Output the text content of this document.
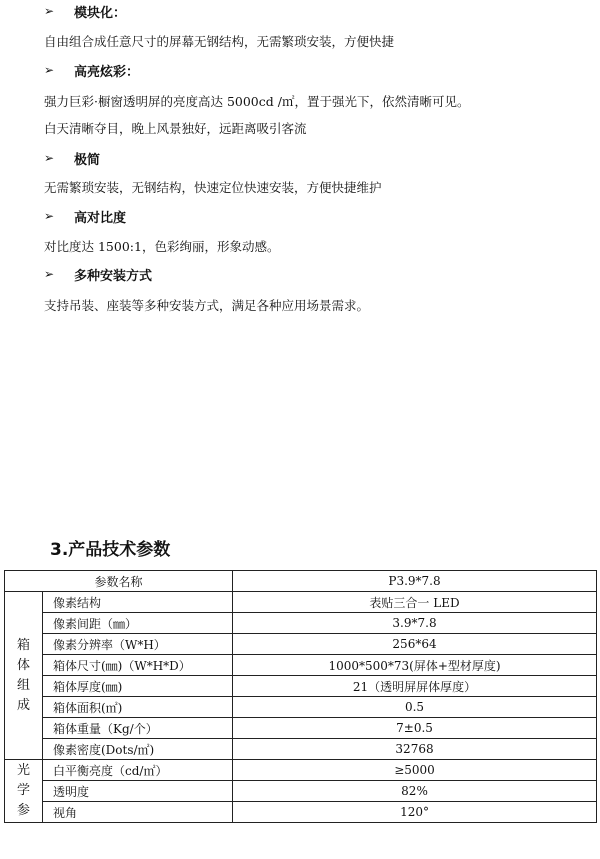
➢	模块化：
自由组合成任意尺寸的屏幕无钢结构，无需繁琐安装，方便快捷
➢	高亮炫彩：
强力巨彩·橱窗透明屏的亮度高达 5000cd /㎡，置于强光下，依然清晰可见。
白天清晰夺目，晚上风景独好，远距离吸引客流
➢	极简
无需繁琐安装，无钢结构，快速定位快速安装，方便快捷维护
➢	高对比度
对比度达 1500:1，色彩绚丽，形象动感。
➢	多种安装方式
支持吊装、座装等多种安装方式，满足各种应用场景需求。
3.产品技术参数
参数名称		P3.9*7.8

箱
体
组
成	像素结构	表贴三合一 LED
	像素间距（㎜）	3.9*7.8
	像素分辨率（W*H）	256*64
	箱体尺寸(㎜)（W*H*D）	1000*500*73(屏体+型材厚度)
	箱体厚度(㎜)	21（透明屏屏体厚度）
	箱体面积(㎡)	0.5
	箱体重量（Kg/个）	7±0.5
	像素密度(Dots/㎡)	32768

光
学
参	白平衡亮度（cd/㎡）	≥5000
	透明度	82%
	视角	120°
